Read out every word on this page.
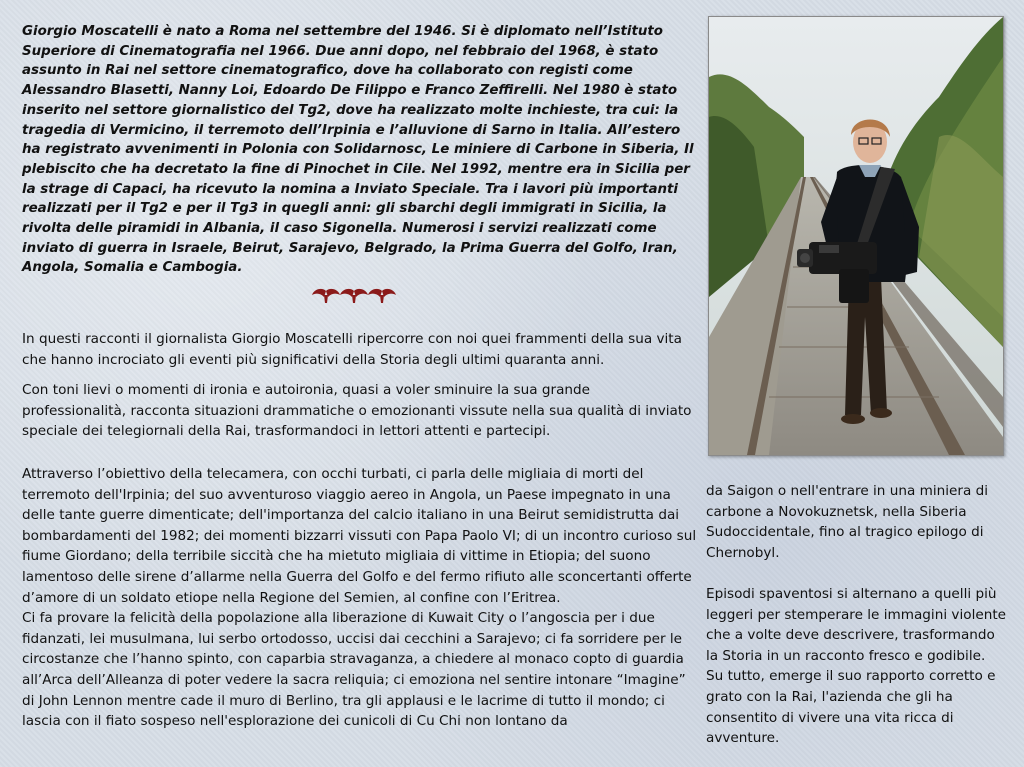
Giorgio Moscatelli è nato a Roma nel settembre del 1946. Si è diplomato nell’Istituto Superiore di Cinematografia nel 1966. Due anni dopo, nel febbraio del 1968, è stato assunto in Rai nel settore cinematografico, dove ha collaborato con registi come Alessandro Blasetti, Nanny Loi, Edoardo De Filippo e Franco Zeffirelli. Nel 1980 è stato inserito nel settore giornalistico del Tg2, dove ha realizzato molte inchieste, tra cui: la tragedia di Vermicino, il terremoto dell’Irpinia e l’alluvione di Sarno in Italia. All’estero ha registrato avvenimenti in Polonia con Solidarnosc, Le miniere di Carbone in Siberia, Il plebiscito che ha decretato la fine di Pinochet in Cile. Nel 1992, mentre era in Sicilia per la strage di Capaci, ha ricevuto la nomina a Inviato Speciale. Tra i lavori più importanti realizzati per il Tg2 e per il Tg3 in quegli anni: gli sbarchi degli immigrati in Sicilia, la rivolta delle piramidi in Albania, il caso Sigonella. Numerosi i servizi realizzati come inviato di guerra in Israele, Beirut, Sarajevo, Belgrado, la Prima Guerra del Golfo, Iran, Angola, Somalia e Cambogia.

In questi racconti il giornalista Giorgio Moscatelli ripercorre con noi quei frammenti della sua vita che hanno incrociato gli eventi più significativi della Storia degli ultimi quaranta anni.

Con toni lievi o momenti di ironia e autoironia, quasi a voler sminuire la sua grande professionalità, racconta situazioni drammatiche o emozionanti vissute nella sua qualità di inviato speciale dei telegiornali della Rai, trasformandoci in lettori attenti e partecipi.

Attraverso l’obiettivo della telecamera, con occhi turbati, ci parla delle migliaia di morti del terremoto dell'Irpinia; del suo avventuroso viaggio aereo in Angola, un Paese impegnato in una delle tante guerre dimenticate; dell'importanza del calcio italiano in una Beirut semidistrutta dai bombardamenti del 1982; dei momenti bizzarri vissuti con Papa Paolo VI; di un incontro curioso sul fiume Giordano; della terribile siccità che ha mietuto migliaia di vittime in Etiopia; del suono lamentoso delle sirene d’allarme nella Guerra del Golfo e del fermo rifiuto alle sconcertanti offerte d’amore di un soldato etiope nella Regione del Semien, al confine con l’Eritrea.
Ci fa provare la felicità della popolazione alla liberazione di Kuwait City o l’angoscia per i due fidanzati, lei musulmana, lui serbo ortodosso, uccisi dai cecchini a Sarajevo; ci fa sorridere per le circostanze che l’hanno spinto, con caparbia stravaganza, a chiedere al monaco copto di guardia all’Arca dell’Alleanza di poter vedere la sacra reliquia; ci emoziona nel sentire intonare “Imagine” di John Lennon mentre cade il muro di Berlino, tra gli applausi e le lacrime di tutto il mondo; ci lascia con il fiato sospeso nell'esplorazione dei cunicoli di Cu Chi non lontano da

da Saigon o nell'entrare in una miniera di carbone a Novokuznetsk, nella Siberia Sudoccidentale, fino al tragico epilogo di Chernobyl.

Episodi spaventosi si alternano a quelli più leggeri per stemperare le immagini violente che a volte deve descrivere, trasformando la Storia in un racconto fresco e godibile. Su tutto, emerge il suo rapporto corretto e grato con la Rai, l'azienda che gli ha consentito di vivere una vita ricca di avventure.
